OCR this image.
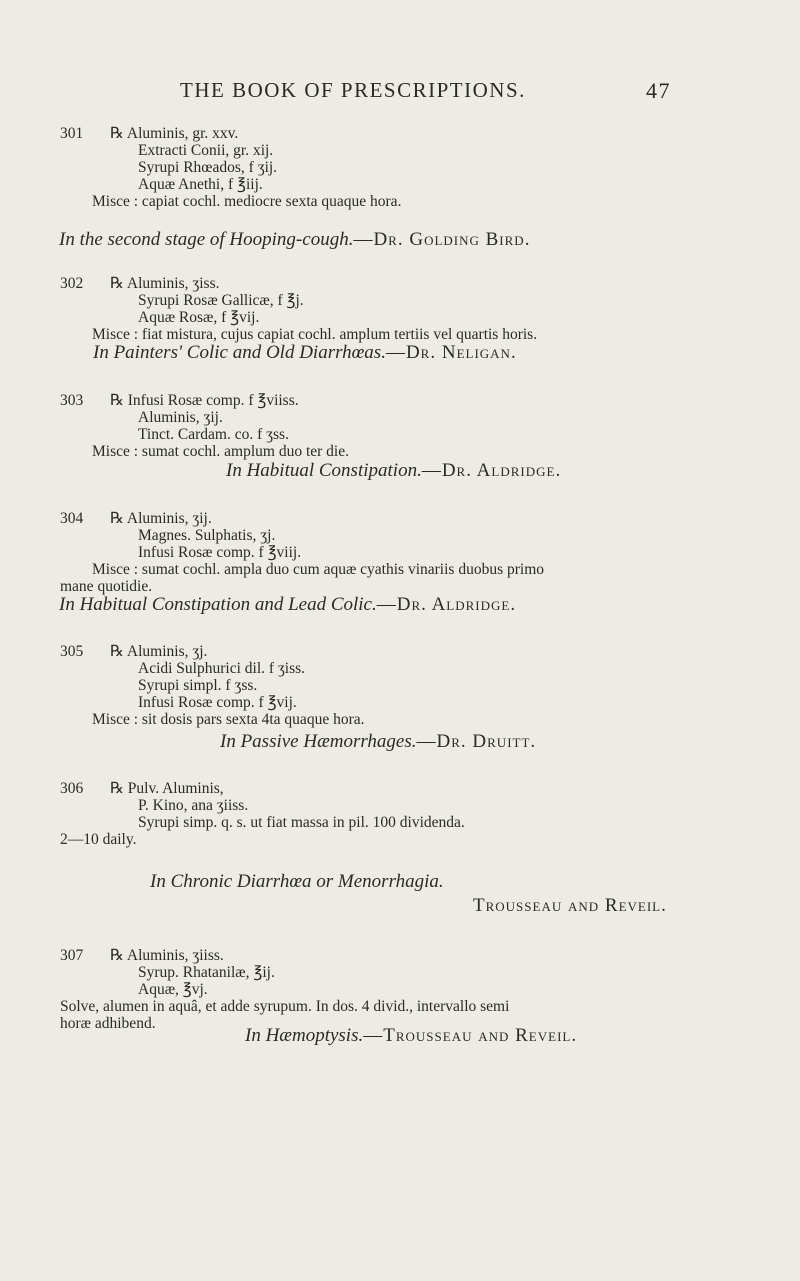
THE BOOK OF PRESCRIPTIONS.	47
301 ℞ Aluminis, gr. xxv.
Extracti Conii, gr. xij.
Syrupi Rhœados, f ʒij.
Aquæ Anethi, f ℥iij.
Misce : capiat cochl. mediocre sexta quaque hora.
In the second stage of Hooping-cough.—Dr. Golding Bird.
302 ℞ Aluminis, ʒiss.
Syrupi Rosæ Gallicæ, f ℥j.
Aquæ Rosæ, f ℥vij.
Misce : fiat mistura, cujus capiat cochl. amplum tertiis vel quartis horis.
In Painters' Colic and Old Diarrhœas.—Dr. Neligan.
303 ℞ Infusi Rosæ comp. f ℥viiss.
Aluminis, ʒij.
Tinct. Cardam. co. f ʒss.
Misce : sumat cochl. amplum duo ter die.
In Habitual Constipation.—Dr. Aldridge.
304 ℞ Aluminis, ʒij.
Magnes. Sulphatis, ʒj.
Infusi Rosæ comp. f ℥viij.
Misce : sumat cochl. ampla duo cum aquæ cyathis vinariis duobus primo
mane quotidie.
In Habitual Constipation and Lead Colic.—Dr. Aldridge.
305 ℞ Aluminis, ʒj.
Acidi Sulphurici dil. f ʒiss.
Syrupi simpl. f ʒss.
Infusi Rosæ comp. f ℥vij.
Misce : sit dosis pars sexta 4ta quaque hora.
In Passive Hæmorrhages.—Dr. Druitt.
306 ℞ Pulv. Aluminis,
P. Kino, ana ʒiiss.
Syrupi simp. q. s. ut fiat massa in pil. 100 dividenda.
2—10 daily.
In Chronic Diarrhœa or Menorrhagia.
Trousseau and Reveil.
307 ℞ Aluminis, ʒiiss.
Syrup. Rhatanilæ, ℥ij.
Aquæ, ℥vj.
Solve, alumen in aquâ, et adde syrupum. In dos. 4 divid., intervallo semi
horæ adhibend.
In Hæmoptysis.—Trousseau and Reveil.
